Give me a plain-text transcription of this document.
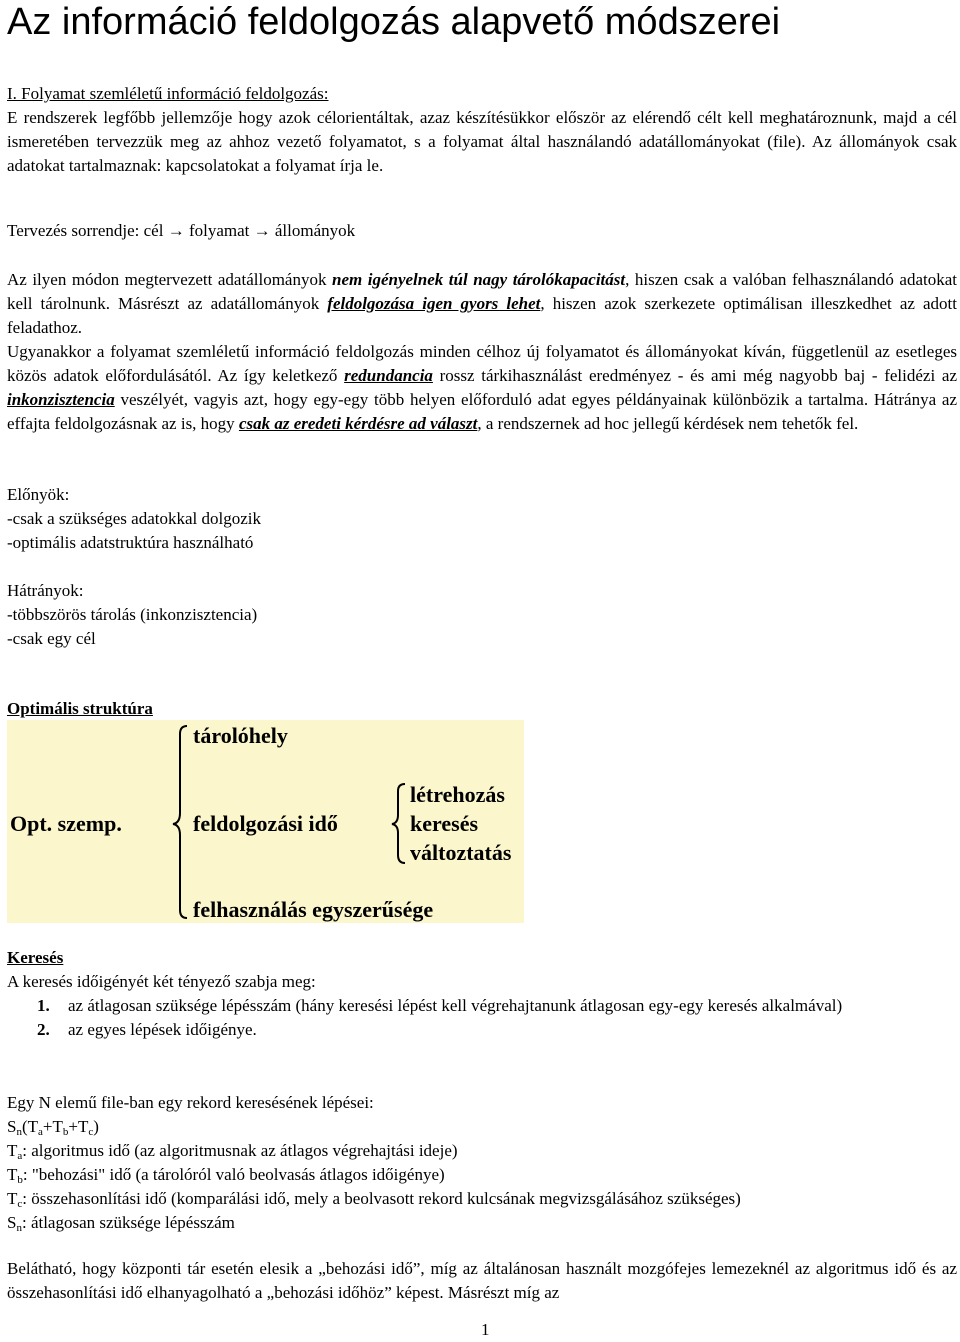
Az információ feldolgozás alapvető módszerei

I. Folyamat szemléletű információ feldolgozás:

E rendszerek legfőbb jellemzője hogy azok célorientáltak, azaz készítésükkor először az elérendő célt kell meghatároznunk, majd a cél ismeretében tervezzük meg az ahhoz vezető folyamatot, s a folyamat által használandó adatállományokat (file). Az állományok csak adatokat tartalmaznak: kapcsolatokat a folyamat írja le.

Tervezés sorrendje: cél → folyamat → állományok

Az ilyen módon megtervezett adatállományok nem igényelnek túl nagy tárolókapacitást, hiszen csak a valóban felhasználandó adatokat kell tárolnunk. Másrészt az adatállományok feldolgozása igen gyors lehet, hiszen azok szerkezete optimálisan illeszkedhet az adott feladathoz.

Ugyanakkor a folyamat szemléletű információ feldolgozás minden célhoz új folyamatot és állományokat kíván, függetlenül az esetleges közös adatok előfordulásától. Az így keletkező redundancia rossz tárkihasználást eredményez - és ami még nagyobb baj - felidézi az inkonzisztencia veszélyét, vagyis azt, hogy egy-egy több helyen előforduló adat egyes példányainak különbözik a tartalma. Hátránya az effajta feldolgozásnak az is, hogy csak az eredeti kérdésre ad választ, a rendszernek ad hoc jellegű kérdések nem tehetők fel.

Előnyök:
-csak a szükséges adatokkal dolgozik
-optimális adatstruktúra használható
Hátrányok:
-többszörös tárolás (inkonzisztencia)
-csak egy cél
Optimális struktúra
tárolóhely
Opt. szemp.	feldolgozási idő
felhasználás egyszerűsége
létrehozás
keresés
változtatás
Keresés
A keresés időigényét két tényező szabja meg:
1. az átlagosan szüksége lépésszám (hány keresési lépést kell végrehajtanunk átlagosan egy-egy keresés alkalmával)
2. az egyes lépések időigénye.
Egy N elemű file-ban egy rekord keresésének lépései:
$S_n(T_a+T_b+T_c)$
$T_a$: algoritmus idő (az algoritmusnak az átlagos végrehajtási ideje)
$T_b$: "behozási" idő (a tárolóról való beolvasás átlagos időigénye)
$T_c$: összehasonlítási idő (komparálási idő, mely a beolvasott rekord kulcsának megvizsgálásához szükséges)
$S_n$: átlagosan szüksége lépésszám

Belátható, hogy központi tár esetén elesik a „behozási idő”, míg az általánosan használt mozgófejes lemezeknél az algoritmus idő és az összehasonlítási idő elhanyagolható a „behozási időhöz” képest. Másrészt míg az

1
